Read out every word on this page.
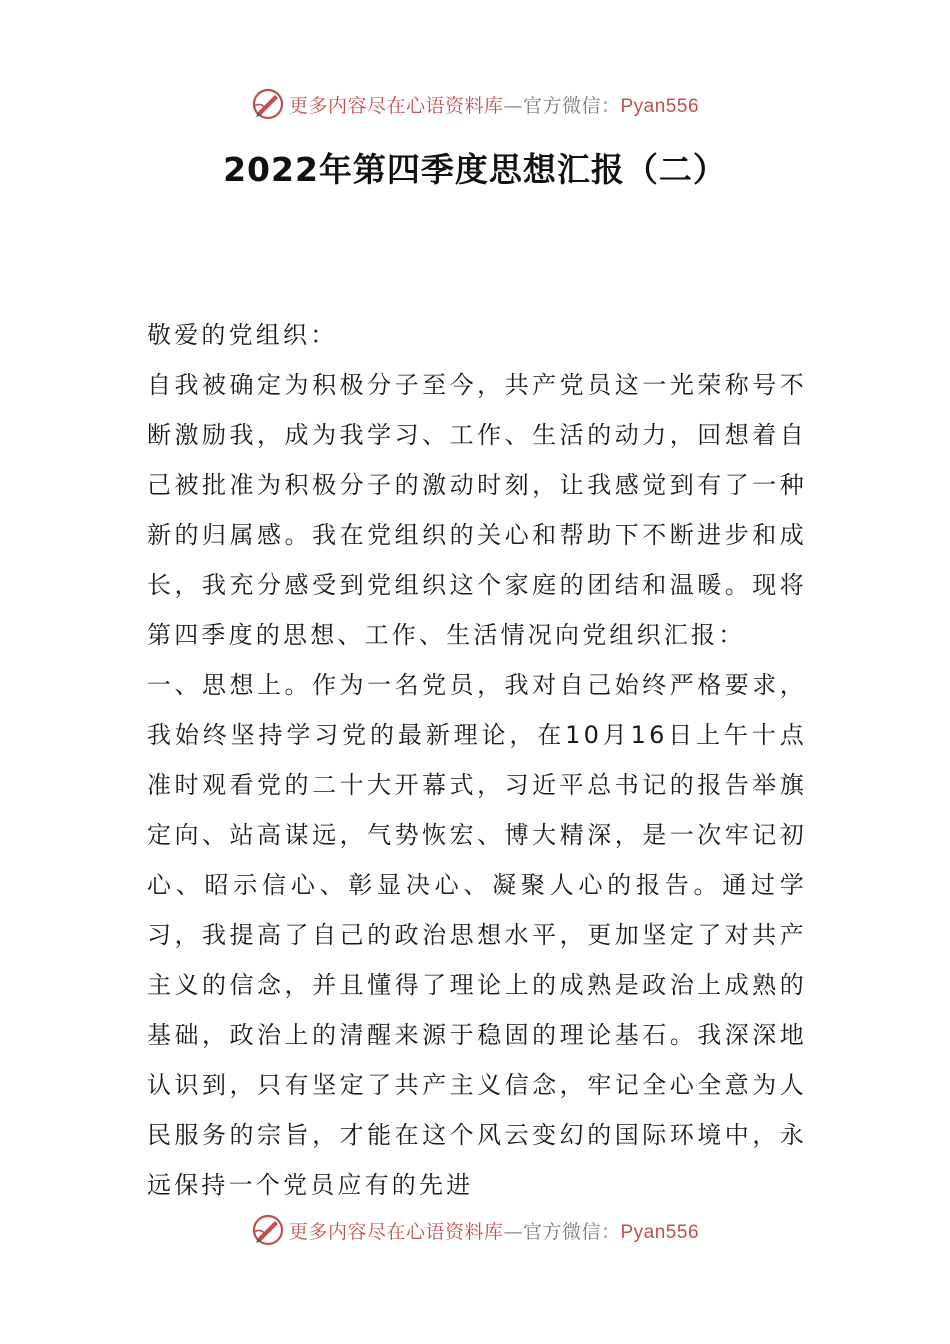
更多内容尽在心语资料库—官方微信：Pyan556
2022年第四季度思想汇报（二）

敬爱的党组织：

自我被确定为积极分子至今，共产党员这一光荣称号不断激励我，成为我学习、工作、生活的动力，回想着自己被批准为积极分子的激动时刻，让我感觉到有了一种新的归属感。我在党组织的关心和帮助下不断进步和成长，我充分感受到党组织这个家庭的团结和温暖。现将第四季度的思想、工作、生活情况向党组织汇报：

一、思想上。作为一名党员，我对自己始终严格要求，我始终坚持学习党的最新理论，在10月16日上午十点准时观看党的二十大开幕式，习近平总书记的报告举旗定向、站高谋远，气势恢宏、博大精深，是一次牢记初心、昭示信心、彰显决心、凝聚人心的报告。通过学习，我提高了自己的政治思想水平，更加坚定了对共产主义的信念，并且懂得了理论上的成熟是政治上成熟的基础，政治上的清醒来源于稳固的理论基石。我深深地认识到，只有坚定了共产主义信念，牢记全心全意为人民服务的宗旨，才能在这个风云变幻的国际环境中，永远保持一个党员应有的先进

更多内容尽在心语资料库—官方微信：Pyan556
